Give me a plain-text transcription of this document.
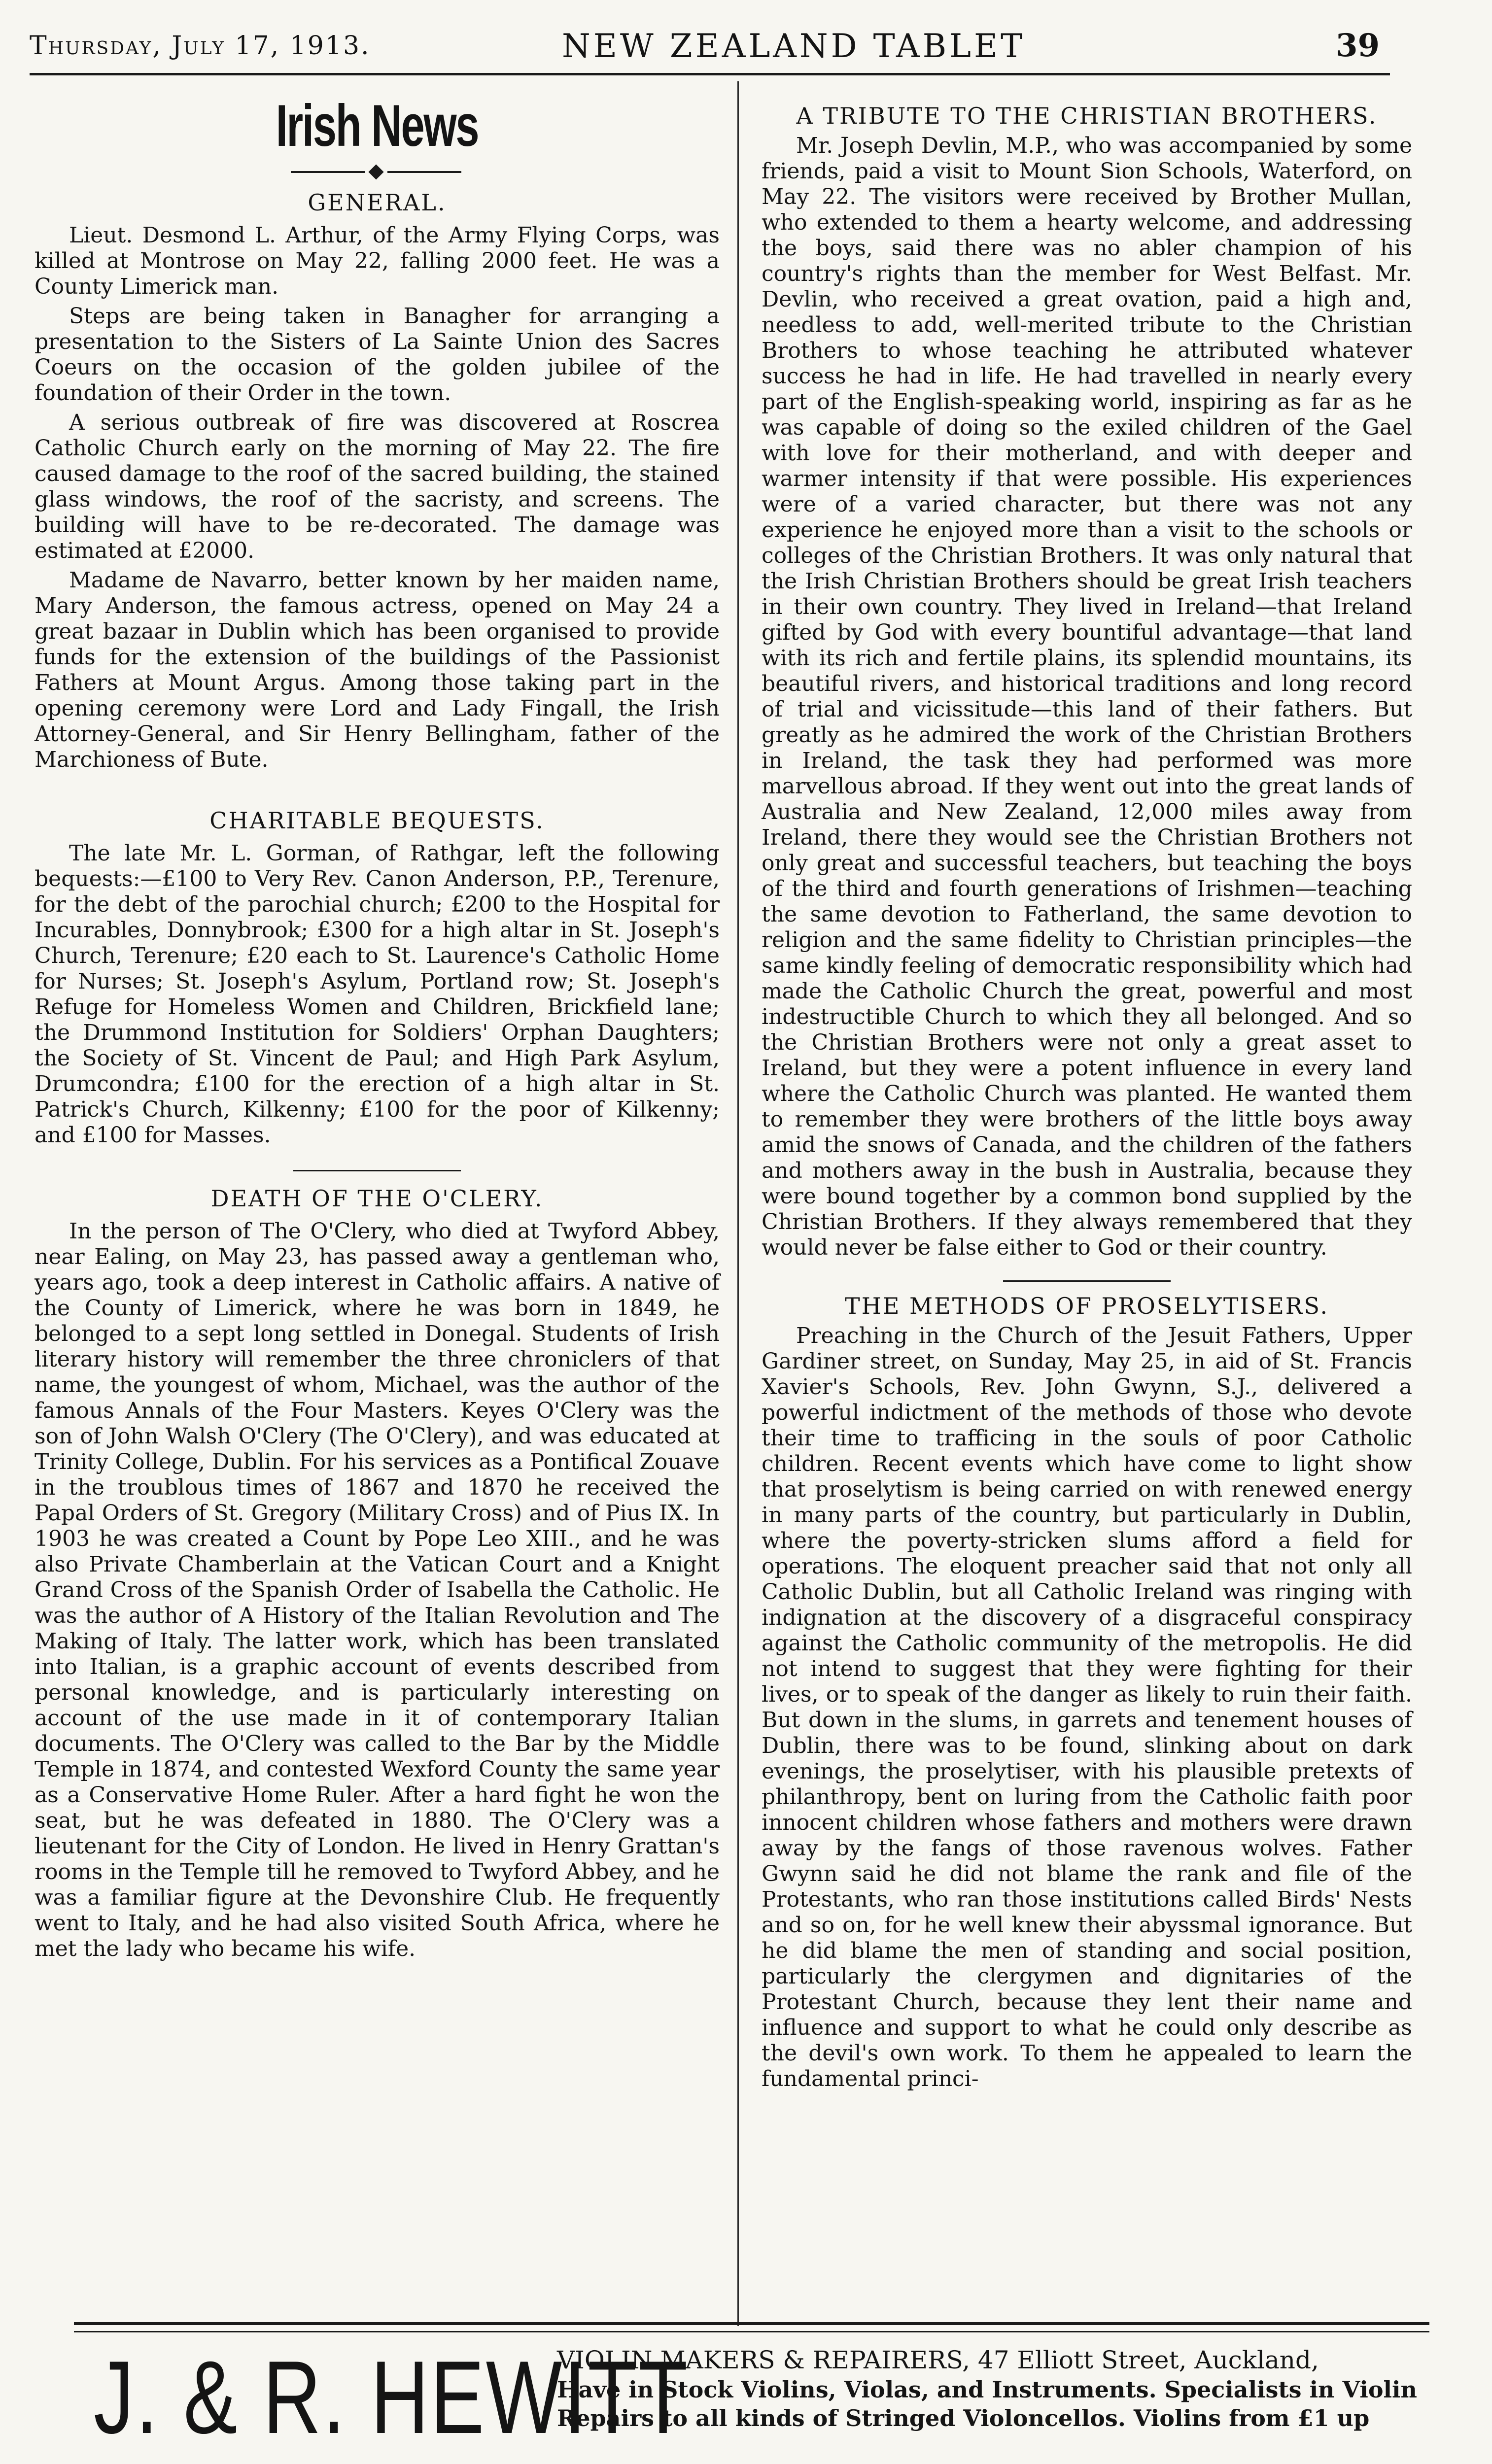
Thursday, July 17, 1913.	NEW ZEALAND TABLET	39
Irish News
GENERAL.

Lieut. Desmond L. Arthur, of the Army Flying Corps, was killed at Montrose on May 22, falling 2000 feet. He was a County Limerick man.

Steps are being taken in Banagher for arranging a presentation to the Sisters of La Sainte Union des Sacres Coeurs on the occasion of the golden jubilee of the foundation of their Order in the town.

A serious outbreak of fire was discovered at Roscrea Catholic Church early on the morning of May 22. The fire caused damage to the roof of the sacred building, the stained glass windows, the roof of the sacristy, and screens. The building will have to be re-decorated. The damage was estimated at £2000.

Madame de Navarro, better known by her maiden name, Mary Anderson, the famous actress, opened on May 24 a great bazaar in Dublin which has been organised to provide funds for the extension of the buildings of the Passionist Fathers at Mount Argus. Among those taking part in the opening ceremony were Lord and Lady Fingall, the Irish Attorney-General, and Sir Henry Bellingham, father of the Marchioness of Bute.

CHARITABLE BEQUESTS.

The late Mr. L. Gorman, of Rathgar, left the following bequests:—£100 to Very Rev. Canon Anderson, P.P., Terenure, for the debt of the parochial church; £200 to the Hospital for Incurables, Donnybrook; £300 for a high altar in St. Joseph's Church, Terenure; £20 each to St. Laurence's Catholic Home for Nurses; St. Joseph's Asylum, Portland row; St. Joseph's Refuge for Homeless Women and Children, Brickfield lane; the Drummond Institution for Soldiers' Orphan Daughters; the Society of St. Vincent de Paul; and High Park Asylum, Drumcondra; £100 for the erection of a high altar in St. Patrick's Church, Kilkenny; £100 for the poor of Kilkenny; and £100 for Masses.

DEATH OF THE O'CLERY.

In the person of The O'Clery, who died at Twyford Abbey, near Ealing, on May 23, has passed away a gentleman who, years ago, took a deep interest in Catholic affairs. A native of the County of Limerick, where he was born in 1849, he belonged to a sept long settled in Donegal. Students of Irish literary history will remember the three chroniclers of that name, the youngest of whom, Michael, was the author of the famous Annals of the Four Masters. Keyes O'Clery was the son of John Walsh O'Clery (The O'Clery), and was educated at Trinity College, Dublin. For his services as a Pontifical Zouave in the troublous times of 1867 and 1870 he received the Papal Orders of St. Gregory (Military Cross) and of Pius IX. In 1903 he was created a Count by Pope Leo XIII., and he was also Private Chamberlain at the Vatican Court and a Knight Grand Cross of the Spanish Order of Isabella the Catholic. He was the author of A History of the Italian Revolution and The Making of Italy. The latter work, which has been translated into Italian, is a graphic account of events described from personal knowledge, and is particularly interesting on account of the use made in it of contemporary Italian documents. The O'Clery was called to the Bar by the Middle Temple in 1874, and contested Wexford County the same year as a Conservative Home Ruler. After a hard fight he won the seat, but he was defeated in 1880. The O'Clery was a lieutenant for the City of London. He lived in Henry Grattan's rooms in the Temple till he removed to Twyford Abbey, and he was a familiar figure at the Devonshire Club. He frequently went to Italy, and he had also visited South Africa, where he met the lady who became his wife.

A TRIBUTE TO THE CHRISTIAN BROTHERS.

Mr. Joseph Devlin, M.P., who was accompanied by some friends, paid a visit to Mount Sion Schools, Waterford, on May 22. The visitors were received by Brother Mullan, who extended to them a hearty welcome, and addressing the boys, said there was no abler champion of his country's rights than the member for West Belfast. Mr. Devlin, who received a great ovation, paid a high and, needless to add, well-merited tribute to the Christian Brothers to whose teaching he attributed whatever success he had in life. He had travelled in nearly every part of the English-speaking world, inspiring as far as he was capable of doing so the exiled children of the Gael with love for their motherland, and with deeper and warmer intensity if that were possible. His experiences were of a varied character, but there was not any experience he enjoyed more than a visit to the schools or colleges of the Christian Brothers. It was only natural that the Irish Christian Brothers should be great Irish teachers in their own country. They lived in Ireland—that Ireland gifted by God with every bountiful advantage—that land with its rich and fertile plains, its splendid mountains, its beautiful rivers, and historical traditions and long record of trial and vicissitude—this land of their fathers. But greatly as he admired the work of the Christian Brothers in Ireland, the task they had performed was more marvellous abroad. If they went out into the great lands of Australia and New Zealand, 12,000 miles away from Ireland, there they would see the Christian Brothers not only great and successful teachers, but teaching the boys of the third and fourth generations of Irishmen—teaching the same devotion to Fatherland, the same devotion to religion and the same fidelity to Christian principles—the same kindly feeling of democratic responsibility which had made the Catholic Church the great, powerful and most indestructible Church to which they all belonged. And so the Christian Brothers were not only a great asset to Ireland, but they were a potent influence in every land where the Catholic Church was planted. He wanted them to remember they were brothers of the little boys away amid the snows of Canada, and the children of the fathers and mothers away in the bush in Australia, because they were bound together by a common bond supplied by the Christian Brothers. If they always remembered that they would never be false either to God or their country.

THE METHODS OF PROSELYTISERS.

Preaching in the Church of the Jesuit Fathers, Upper Gardiner street, on Sunday, May 25, in aid of St. Francis Xavier's Schools, Rev. John Gwynn, S.J., delivered a powerful indictment of the methods of those who devote their time to trafficing in the souls of poor Catholic children. Recent events which have come to light show that proselytism is being carried on with renewed energy in many parts of the country, but particularly in Dublin, where the poverty-stricken slums afford a field for operations. The eloquent preacher said that not only all Catholic Dublin, but all Catholic Ireland was ringing with indignation at the discovery of a disgraceful conspiracy against the Catholic community of the metropolis. He did not intend to suggest that they were fighting for their lives, or to speak of the danger as likely to ruin their faith. But down in the slums, in garrets and tenement houses of Dublin, there was to be found, slinking about on dark evenings, the proselytiser, with his plausible pretexts of philanthropy, bent on luring from the Catholic faith poor innocent children whose fathers and mothers were drawn away by the fangs of those ravenous wolves. Father Gwynn said he did not blame the rank and file of the Protestants, who ran those institutions called Birds' Nests and so on, for he well knew their abyssmal ignorance. But he did blame the men of standing and social position, particularly the clergymen and dignitaries of the Protestant Church, because they lent their name and influence and support to what he could only describe as the devil's own work. To them he appealed to learn the fundamental princi-

J. & R. HEWITT
VIOLIN MAKERS & REPAIRERS, 47 Elliott Street, Auckland,
Have in Stock Violins, Violas, and Instruments. Specialists in Violin
Repairs to all kinds of Stringed Violoncellos. Violins from £1 up
